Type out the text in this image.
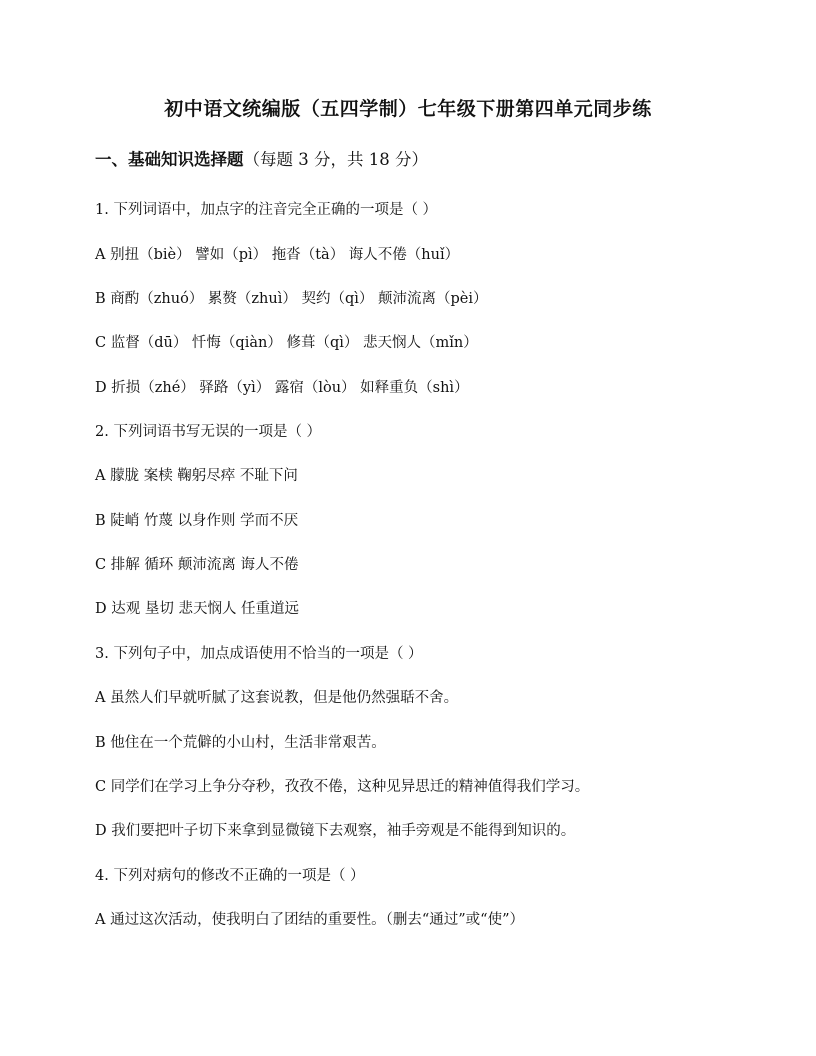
初中语文统编版（五四学制）七年级下册第四单元同步练
一、基础知识选择题（每题 3 分，共 18 分）
1. 下列词语中，加点字的注音完全正确的一项是（ ）
A 别扭（biè） 譬如（pì） 拖沓（tà） 诲人不倦（huǐ）
B 商酌（zhuó） 累赘（zhuì） 契约（qì） 颠沛流离（pèi）
C 监督（dū） 忏悔（qiàn） 修葺（qì） 悲天悯人（mǐn）
D 折损（zhé） 驿路（yì） 露宿（lòu） 如释重负（shì）
2. 下列词语书写无误的一项是（ ）
A 朦胧 案椟 鞠躬尽瘁 不耻下问
B 陡峭 竹蔑 以身作则 学而不厌
C 排解 循环 颠沛流离 诲人不倦
D 达观 垦切 悲天悯人 任重道远
3. 下列句子中，加点成语使用不恰当的一项是（ ）
A 虽然人们早就听腻了这套说教，但是他仍然强聒不舍。
B 他住在一个荒僻的小山村，生活非常艰苦。
C 同学们在学习上争分夺秒，孜孜不倦，这种见异思迁的精神值得我们学习。
D 我们要把叶子切下来拿到显微镜下去观察，袖手旁观是不能得到知识的。
4. 下列对病句的修改不正确的一项是（ ）
A 通过这次活动，使我明白了团结的重要性。（删去“通过”或“使”）
